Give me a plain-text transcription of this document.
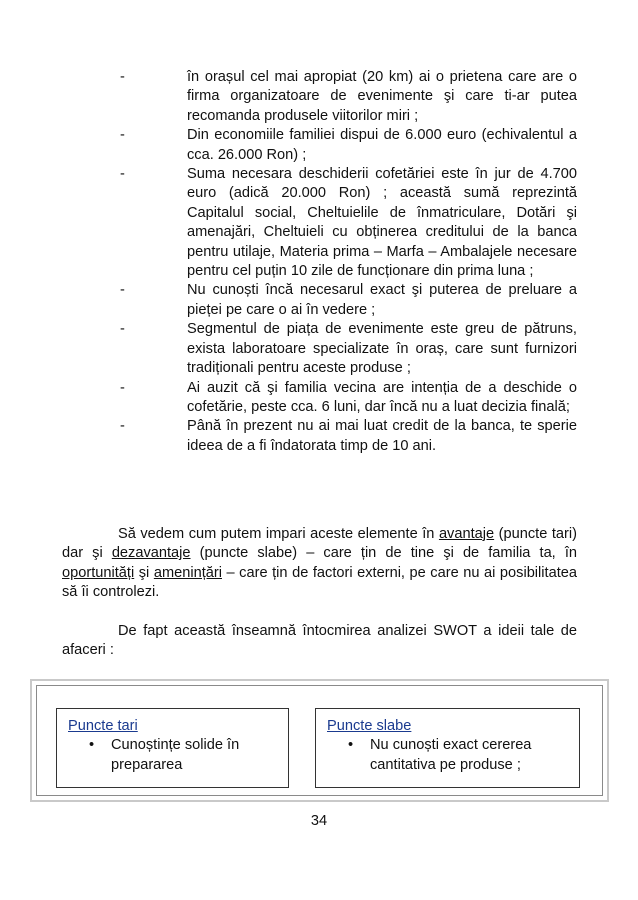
-	în orașul cel mai apropiat (20 km) ai o prietena care are o firma organizatoare de evenimente şi care ti-ar putea recomanda produsele viitorilor miri ;
-	Din economiile familiei dispui de 6.000 euro (echivalentul a cca. 26.000 Ron) ;
-	Suma necesara deschiderii cofetăriei este în jur de 4.700 euro (adică 20.000 Ron) ; această sumă reprezintă Capitalul social, Cheltuielile de înmatriculare, Dotări şi amenajări, Cheltuieli cu obținerea creditului de la banca pentru utilaje, Materia prima – Marfa – Ambalajele necesare pentru cel puțin 10 zile de funcționare din prima luna ;
-	Nu cunoști încă necesarul exact şi puterea de preluare a pieței pe care o ai în vedere ;
-	Segmentul de piața de evenimente este greu de pătruns, exista laboratoare specializate în oraș, care sunt furnizori tradiționali pentru aceste produse ;
-	Ai auzit că şi familia vecina are intenția de a deschide o cofetărie, peste cca. 6 luni, dar încă nu a luat decizia finală;
-	Până în prezent nu ai mai luat credit de la banca, te sperie ideea de a fi îndatorata timp de 10 ani.

Să vedem cum putem impari aceste elemente în avantaje (puncte tari) dar şi dezavantaje (puncte slabe) – care țin de tine şi de familia ta, în oportunități şi amenințări – care țin de factori externi, pe care nu ai posibilitatea să îi controlezi.

De fapt această înseamnă întocmirea analizei SWOT a ideii tale de afaceri :

Puncte tari
• Cunoștințe solide în prepararea
Puncte slabe
• Nu cunoști exact cererea cantitativa pe produse ;
34
